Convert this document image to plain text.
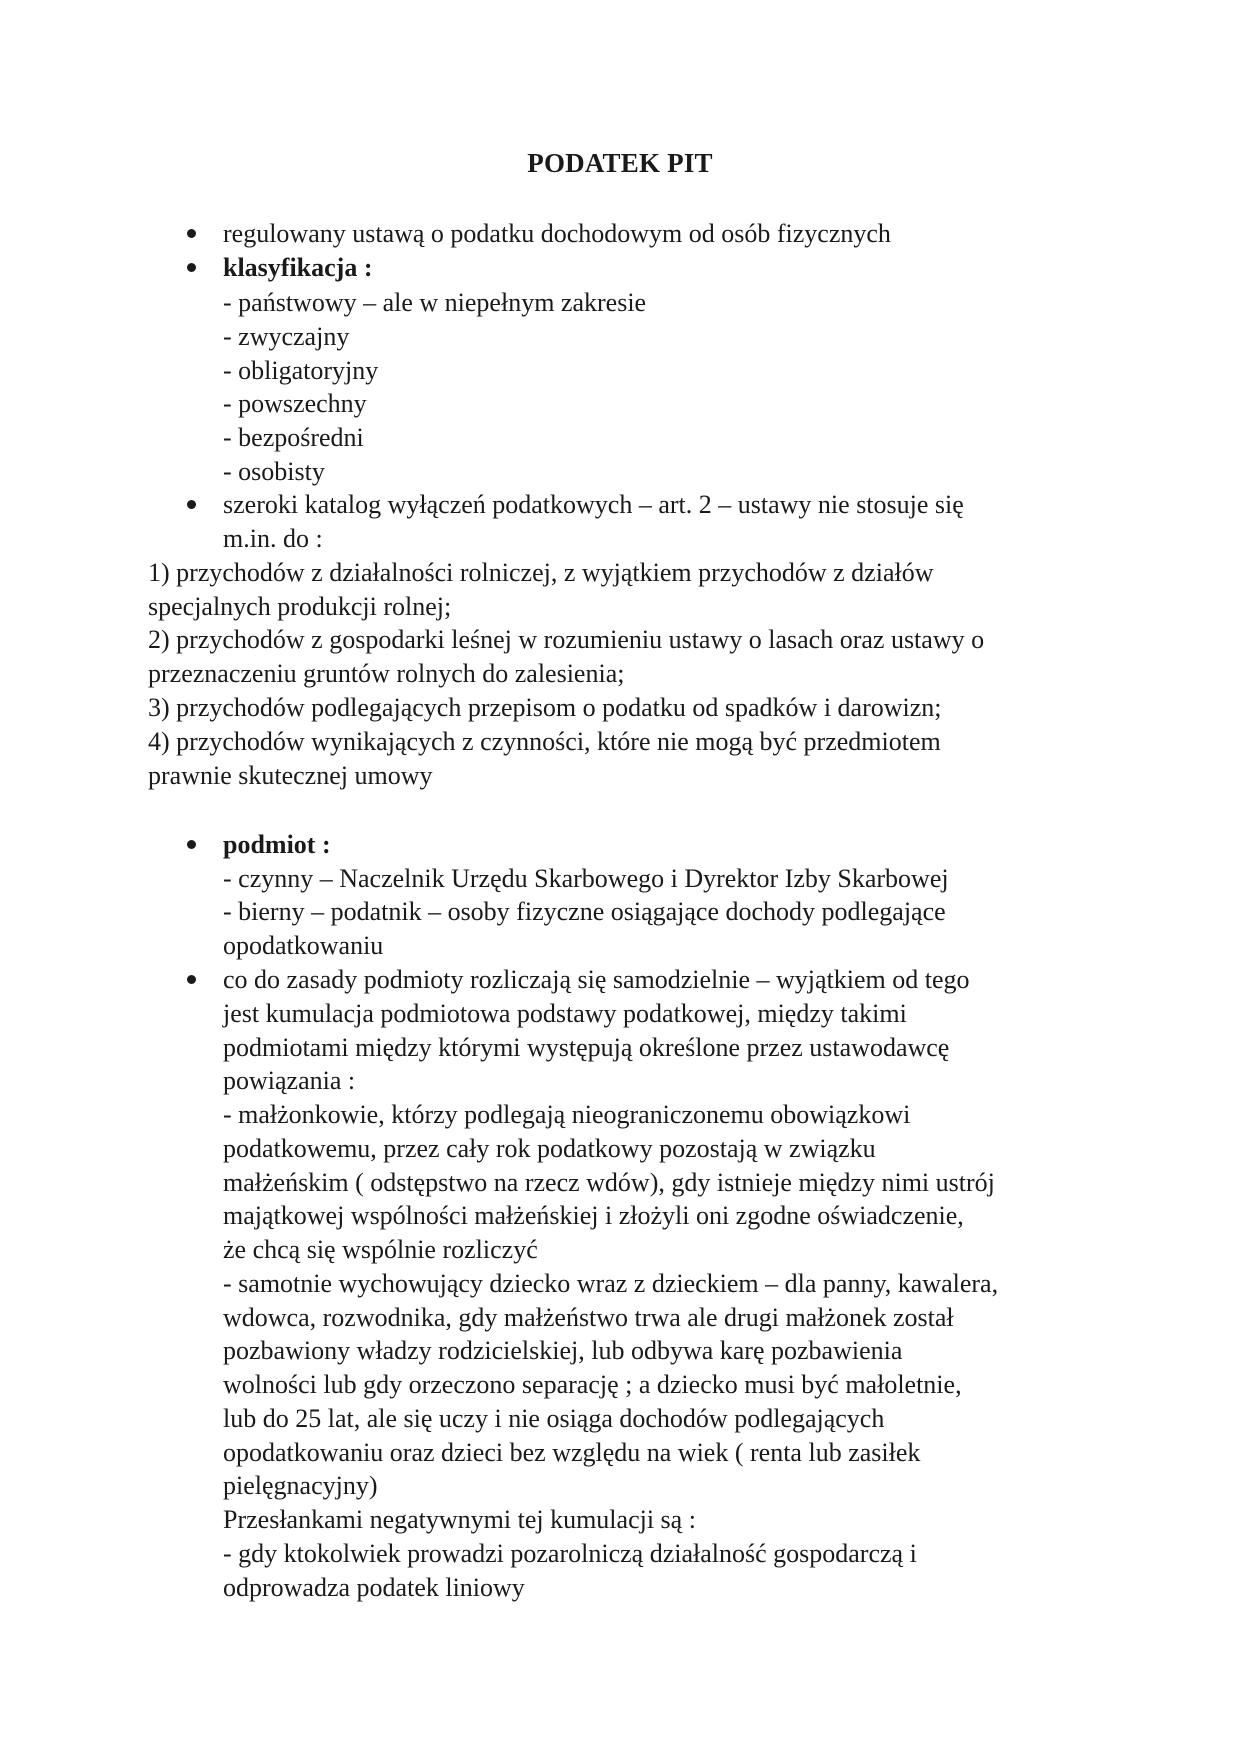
PODATEK PIT
regulowany ustawą o podatku dochodowym od osób fizycznych
klasyfikacja :
- państwowy – ale w niepełnym zakresie
- zwyczajny
- obligatoryjny
- powszechny
- bezpośredni
- osobisty
szeroki katalog wyłączeń podatkowych – art. 2 – ustawy nie stosuje się
m.in. do :
1) przychodów z działalności rolniczej, z wyjątkiem przychodów z działów
specjalnych produkcji rolnej;
2) przychodów z gospodarki leśnej w rozumieniu ustawy o lasach oraz ustawy o
przeznaczeniu gruntów rolnych do zalesienia;
3) przychodów podlegających przepisom o podatku od spadków i darowizn;
4) przychodów wynikających z czynności, które nie mogą być przedmiotem
prawnie skutecznej umowy
podmiot :
- czynny – Naczelnik Urzędu Skarbowego i Dyrektor Izby Skarbowej
- bierny – podatnik – osoby fizyczne osiągające dochody podlegające
opodatkowaniu
co do zasady podmioty rozliczają się samodzielnie – wyjątkiem od tego
jest kumulacja podmiotowa podstawy podatkowej, między takimi
podmiotami między którymi występują określone przez ustawodawcę
powiązania :
- małżonkowie, którzy podlegają nieograniczonemu obowiązkowi
podatkowemu, przez cały rok podatkowy pozostają w związku
małżeńskim ( odstępstwo na rzecz wdów), gdy istnieje między nimi ustrój
majątkowej wspólności małżeńskiej i złożyli oni zgodne oświadczenie,
że chcą się wspólnie rozliczyć
- samotnie wychowujący dziecko wraz z dzieckiem – dla panny, kawalera,
wdowca, rozwodnika, gdy małżeństwo trwa ale drugi małżonek został
pozbawiony władzy rodzicielskiej, lub odbywa karę pozbawienia
wolności lub gdy orzeczono separację ; a dziecko musi być małoletnie,
lub do 25 lat, ale się uczy i nie osiąga dochodów podlegających
opodatkowaniu oraz dzieci bez względu na wiek ( renta lub zasiłek
pielęgnacyjny)
Przesłankami negatywnymi tej kumulacji są :
- gdy ktokolwiek prowadzi pozarolniczą działalność gospodarczą i
odprowadza podatek liniowy
